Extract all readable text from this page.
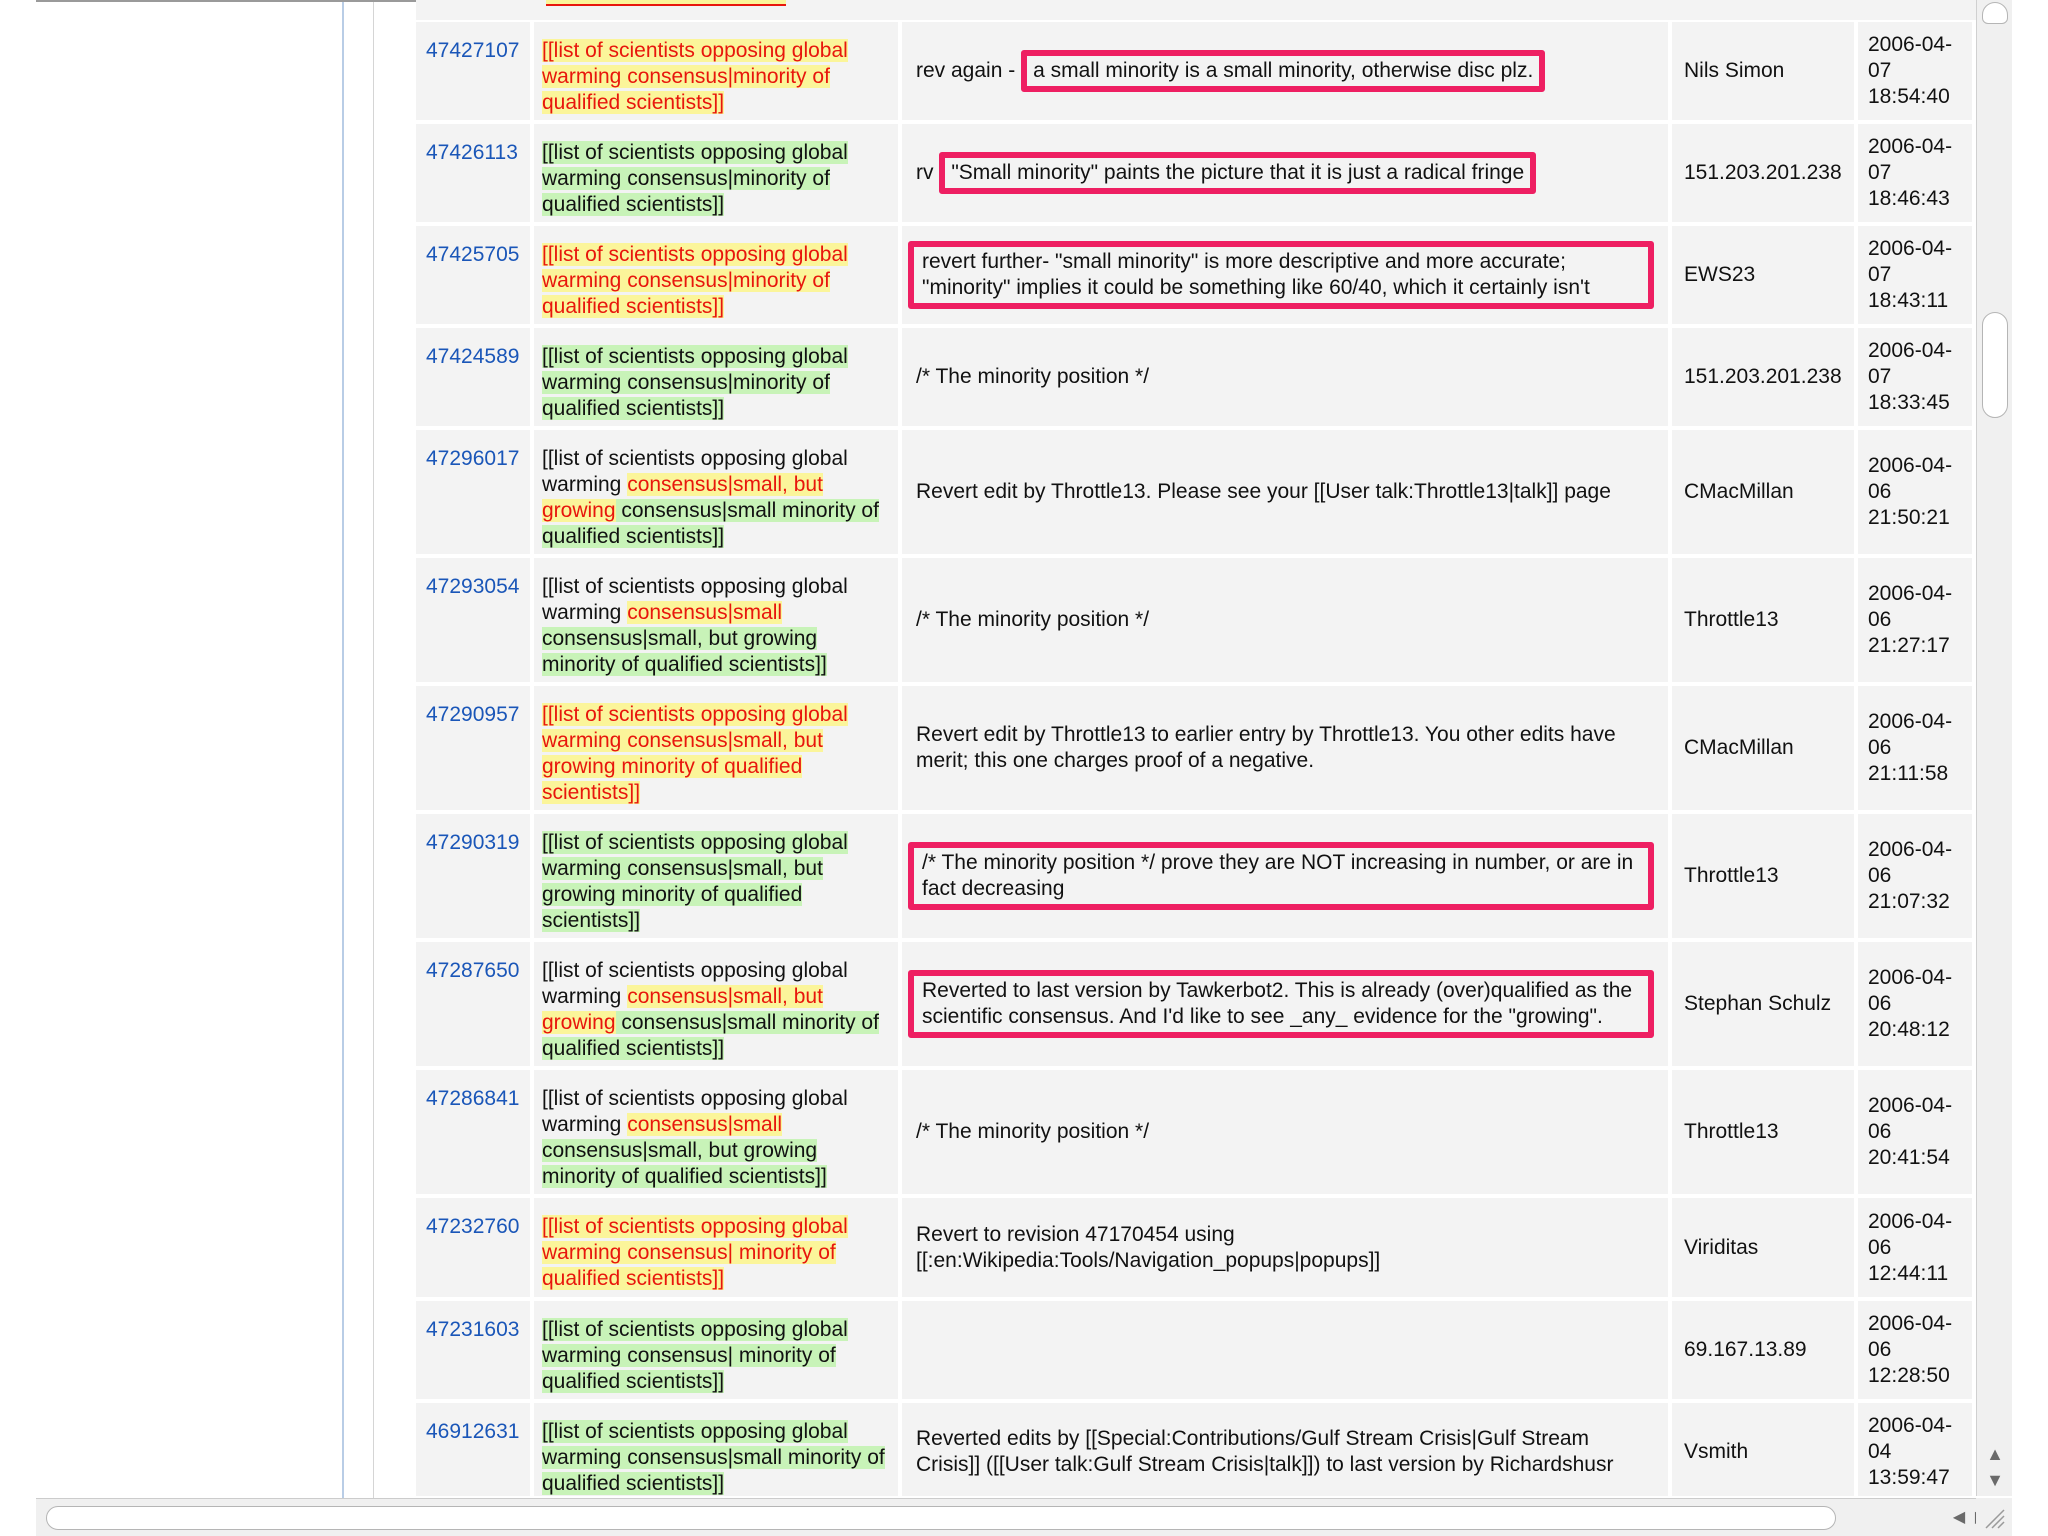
47427107	[[list of scientists opposing global warming consensus|minority of qualified scientists]]	rev again - a small minority is a small minority, otherwise disc plz.	Nils Simon	2006-04-07
18:54:40

47426113	[[list of scientists opposing global warming consensus|minority of qualified scientists]]	rv "Small minority" paints the picture that it is just a radical fringe	151.203.201.238	2006-04-07
18:46:43

47425705	[[list of scientists opposing global warming consensus|minority of qualified scientists]]	revert further- "small minority" is more descriptive and more accurate; "minority" implies it could be something like 60/40, which it certainly isn't	EWS23	2006-04-07
18:43:11

47424589	[[list of scientists opposing global warming consensus|minority of qualified scientists]]	/* The minority position */	151.203.201.238	2006-04-07
18:33:45

47296017	[[list of scientists opposing global warming consensus|small, but growing consensus|small minority of qualified scientists]]	Revert edit by Throttle13. Please see your [[User talk:Throttle13|talk]] page	CMacMillan	2006-04-06
21:50:21

47293054	[[list of scientists opposing global warming consensus|small consensus|small, but growing minority of qualified scientists]]	/* The minority position */	Throttle13	2006-04-06
21:27:17

47290957	[[list of scientists opposing global warming consensus|small, but growing minority of qualified scientists]]	Revert edit by Throttle13 to earlier entry by Throttle13. You other edits have merit; this one charges proof of a negative.	CMacMillan	2006-04-06
21:11:58

47290319	[[list of scientists opposing global warming consensus|small, but growing minority of qualified scientists]]	/* The minority position */ prove they are NOT increasing in number, or are in fact decreasing	Throttle13	2006-04-06
21:07:32

47287650	[[list of scientists opposing global warming consensus|small, but growing consensus|small minority of qualified scientists]]	Reverted to last version by Tawkerbot2. This is already (over)qualified as the scientific consensus. And I'd like to see _any_ evidence for the "growing".	Stephan Schulz	2006-04-06
20:48:12

47286841	[[list of scientists opposing global warming consensus|small consensus|small, but growing minority of qualified scientists]]	/* The minority position */	Throttle13	2006-04-06
20:41:54

47232760	[[list of scientists opposing global warming consensus| minority of qualified scientists]]	Revert to revision 47170454 using [[:en:Wikipedia:Tools/Navigation_popups|popups]]	Viriditas	2006-04-06
12:44:11

47231603	[[list of scientists opposing global warming consensus| minority of qualified scientists]]		69.167.13.89	2006-04-06
12:28:50

46912631	[[list of scientists opposing global warming consensus|small minority of qualified scientists]]	Reverted edits by [[Special:Contributions/Gulf Stream Crisis|Gulf Stream Crisis]] ([[User talk:Gulf Stream Crisis|talk]]) to last version by Richardshusr	Vsmith	2006-04-04
13:59:47
▲
▼
◀
